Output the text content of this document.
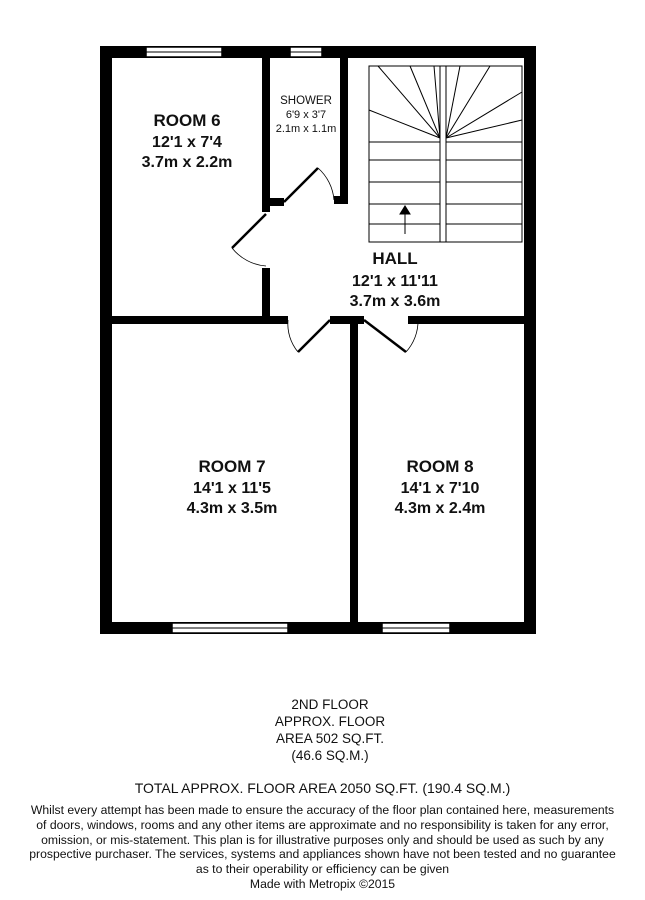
ROOM 6
12'1 x 7'4
3.7m x 2.2m
SHOWER
6'9 x 3'7
2.1m x 1.1m
HALL
12'1 x 11'11
3.7m x 3.6m
ROOM 7
14'1 x 11'5
4.3m x 3.5m
ROOM 8
14'1 x 7'10
4.3m x 2.4m
2ND FLOOR
APPROX. FLOOR
AREA 502 SQ.FT.
(46.6 SQ.M.)
TOTAL APPROX. FLOOR AREA 2050 SQ.FT. (190.4 SQ.M.)
Whilst every attempt has been made to ensure the accuracy of the floor plan contained here, measurements
of doors, windows, rooms and any other items are approximate and no responsibility is taken for any error,
omission, or mis-statement. This plan is for illustrative purposes only and should be used as such by any
prospective purchaser. The services, systems and appliances shown have not been tested and no guarantee
as to their operability or efficiency can be given
Made with Metropix ©2015
